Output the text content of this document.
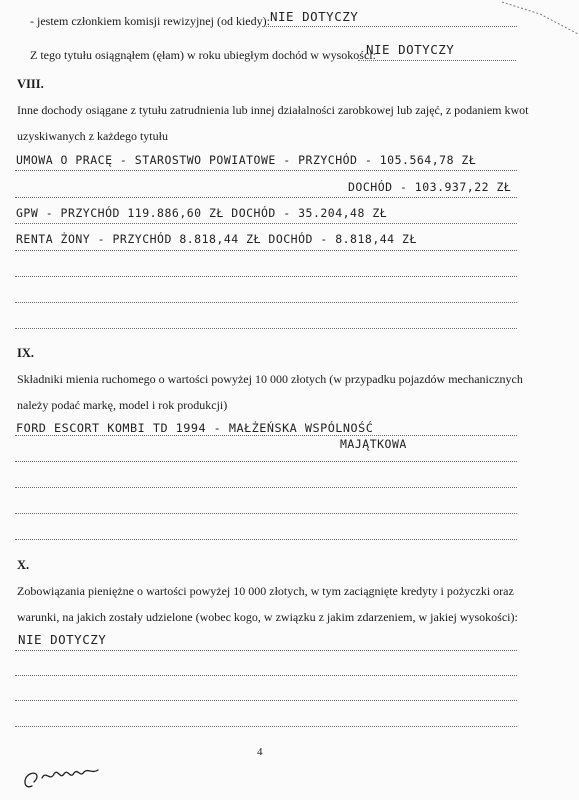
- jestem członkiem komisji rewizyjnej (od kiedy): NIE DOTYCZY
Z tego tytułu osiągnąłem (ęłam) w roku ubiegłym dochód w wysokości:
NIE DOTYCZY
VIII.
Inne dochody osiągane z tytułu zatrudnienia lub innej działalności zarobkowej lub zajęć, z podaniem kwot
uzyskiwanych z każdego tytułu
UMOWA O PRACĘ - STAROSTWO POWIATOWE - PRZYCHÓD - 105.564,78 ZŁ
DOCHÓD - 103.937,22 ZŁ
GPW - PRZYCHÓD 119.886,60 ZŁ DOCHÓD - 35.204,48 ZŁ
RENTA ŻONY - PRZYCHÓD 8.818,44 ZŁ DOCHÓD - 8.818,44 ZŁ
IX.
Składniki mienia ruchomego o wartości powyżej 10 000 złotych (w przypadku pojazdów mechanicznych
należy podać markę, model i rok produkcji)
FORD ESCORT KOMBI TD 1994 - MAŁŻEŃSKA WSPÓLNOŚĆ
MAJĄTKOWA
X.
Zobowiązania pieniężne o wartości powyżej 10 000 złotych, w tym zaciągnięte kredyty i pożyczki oraz
warunki, na jakich zostały udzielone (wobec kogo, w związku z jakim zdarzeniem, w jakiej wysokości):
NIE DOTYCZY
4
